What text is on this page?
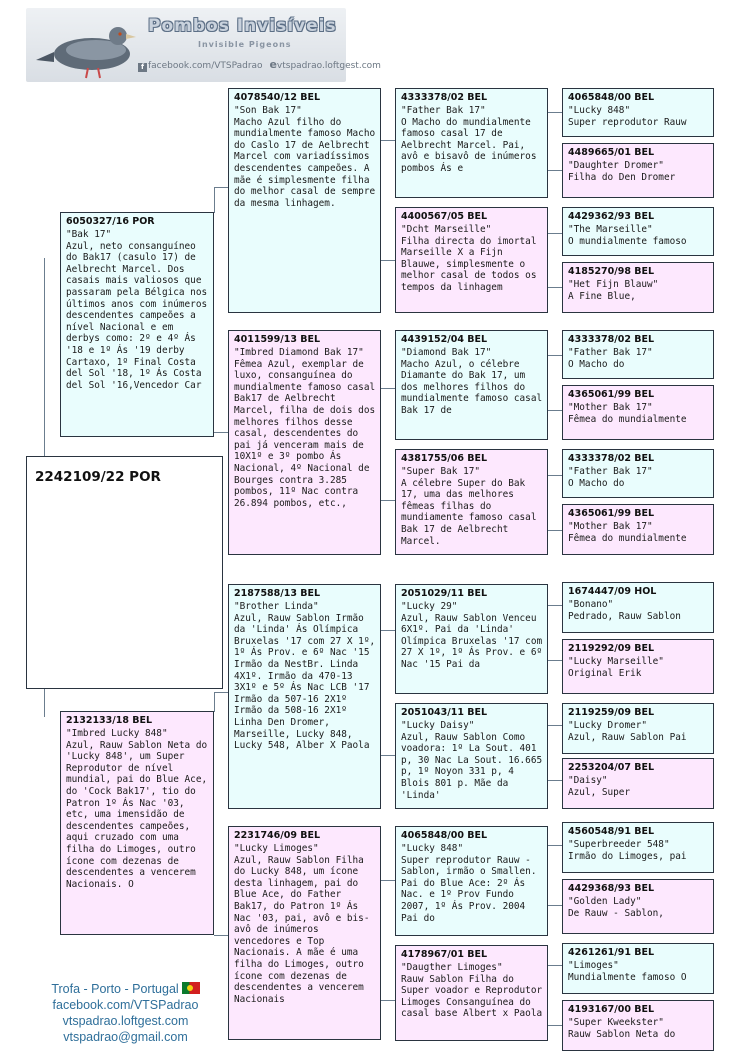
Pombos Invisíveis
Invisible Pigeons
f facebook.com/VTSPadrao evtspadrao.loftgest.com
2242109/22 POR
6050327/16 POR
"Bak 17"
Azul, neto consanguíneo do Bak17 (casulo 17) de Aelbrecht Marcel. Dos casais mais valiosos que passaram pela Bélgica nos últimos anos com inúmeros descendentes campeões a nível Nacional e em derbys como: 2º e 4º Ás '18 e 1º Ás '19 derby Cartaxo, 1º Final Costa del Sol '18, 1º Ás Costa del Sol '16,Vencedor Car
2132133/18 BEL
"Imbred Lucky 848"
Azul, Rauw Sablon Neta do 'Lucky 848', um Super Reprodutor de nível mundial, pai do Blue Ace, do 'Cock Bak17', tio do Patron 1º Ás Nac '03, etc, uma imensidão de descendentes campeões, aqui cruzado com uma filha do Limoges, outro ícone com dezenas de descendentes a vencerem Nacionais. O
4078540/12 BEL
"Son Bak 17"
Macho Azul filho do mundialmente famoso Macho do Caslo 17 de Aelbrecht Marcel com variadíssimos descendentes campeões. A mãe é simplesmente filha do melhor casal de sempre da mesma linhagem.
4011599/13 BEL
"Imbred Diamond Bak 17"
Fêmea Azul, exemplar de luxo, consanguínea do mundialmente famoso casal Bak17 de Aelbrecht Marcel, filha de dois dos melhores filhos desse casal, descendentes do pai já venceram mais de 10X1º e 3º pombo Ás Nacional, 4º Nacional de Bourges contra 3.285 pombos, 11º Nac contra 26.894 pombos, etc.,
2187588/13 BEL
"Brother Linda"
Azul, Rauw Sablon Irmão da 'Linda' Ás Olímpica Bruxelas '17 com 27 X 1º, 1º Ás Prov. e 6º Nac '15 Irmão da NestBr. Linda 4X1º. Irmão da 470-13 3X1º e 5º Ás Nac LCB '17 Irmão da 507-16 2X1º Irmão da 508-16 2X1º Linha Den Dromer, Marseille, Lucky 848, Lucky 548, Alber X Paola
2231746/09 BEL
"Lucky Limoges"
Azul, Rauw Sablon Filha do Lucky 848, um ícone desta linhagem, pai do Blue Ace, do Father Bak17, do Patron 1º Ás Nac '03, pai, avô e bis-avô de inúmeros vencedores e Top Nacionais. A mãe é uma filha do Limoges, outro ícone com dezenas de descendentes a vencerem Nacionais
4333378/02 BEL
"Father Bak 17"
O Macho do mundialmente famoso casal 17 de Aelbrecht Marcel. Pai, avô e bisavô de inúmeros pombos Ás e
4400567/05 BEL
"Dcht Marseille"
Filha directa do imortal Marseille X a Fijn Blauwe, simplesmente o melhor casal de todos os tempos da linhagem
4439152/04 BEL
"Diamond Bak 17"
Macho Azul, o célebre Diamante do Bak 17, um dos melhores filhos do mundialmente famoso casal Bak 17 de
4381755/06 BEL
"Super Bak 17"
A célebre Super do Bak 17, uma das melhores fêmeas filhas do mundiamente famoso casal Bak 17 de Aelbrecht Marcel.
2051029/11 BEL
"Lucky 29"
Azul, Rauw Sablon Venceu 6X1º. Pai da 'Linda' Olímpica Bruxelas '17 com 27 X 1º, 1º Ás Prov. e 6º Nac '15 Pai da
2051043/11 BEL
"Lucky Daisy"
Azul, Rauw Sablon Como voadora: 1º La Sout. 401 p, 30 Nac La Sout. 16.665 p, 1º Noyon 331 p, 4 Blois 801 p. Mãe da 'Linda'
4065848/00 BEL
"Lucky 848"
Super reprodutor Rauw - Sablon, irmão o Smallen. Pai do Blue Ace: 2º Ás Nac. e 1º Prov Fundo 2007, 1º Ás Prov. 2004 Pai do
4178967/01 BEL
"Daugther Limoges"
Rauw Sablon Filha do Super voador e Reprodutor Limoges Consanguínea do casal base Albert x Paola
4065848/00 BEL
"Lucky 848"
Super reprodutor Rauw
4489665/01 BEL
"Daughter Dromer"
Filha do Den Dromer
4429362/93 BEL
"The Marseille"
O mundialmente famoso
4185270/98 BEL
"Het Fijn Blauw"
A Fine Blue,
4333378/02 BEL
"Father Bak 17"
O Macho do
4365061/99 BEL
"Mother Bak 17"
Fêmea do mundialmente
4333378/02 BEL
"Father Bak 17"
O Macho do
4365061/99 BEL
"Mother Bak 17"
Fêmea do mundialmente
1674447/09 HOL
"Bonano"
Pedrado, Rauw Sablon
2119292/09 BEL
"Lucky Marseille"
Original Erik
2119259/09 BEL
"Lucky Dromer"
Azul, Rauw Sablon Pai
2253204/07 BEL
"Daisy"
Azul, Super
4560548/91 BEL
"Superbreeder 548"
Irmão do Limoges, pai
4429368/93 BEL
"Golden Lady"
De Rauw - Sablon,
4261261/91 BEL
"Limoges"
Mundialmente famoso O
4193167/00 BEL
"Super Kweekster"
Rauw Sablon Neta do
Trofa - Porto - Portugal
facebook.com/VTSPadrao
vtspadrao.loftgest.com
vtspadrao@gmail.com
